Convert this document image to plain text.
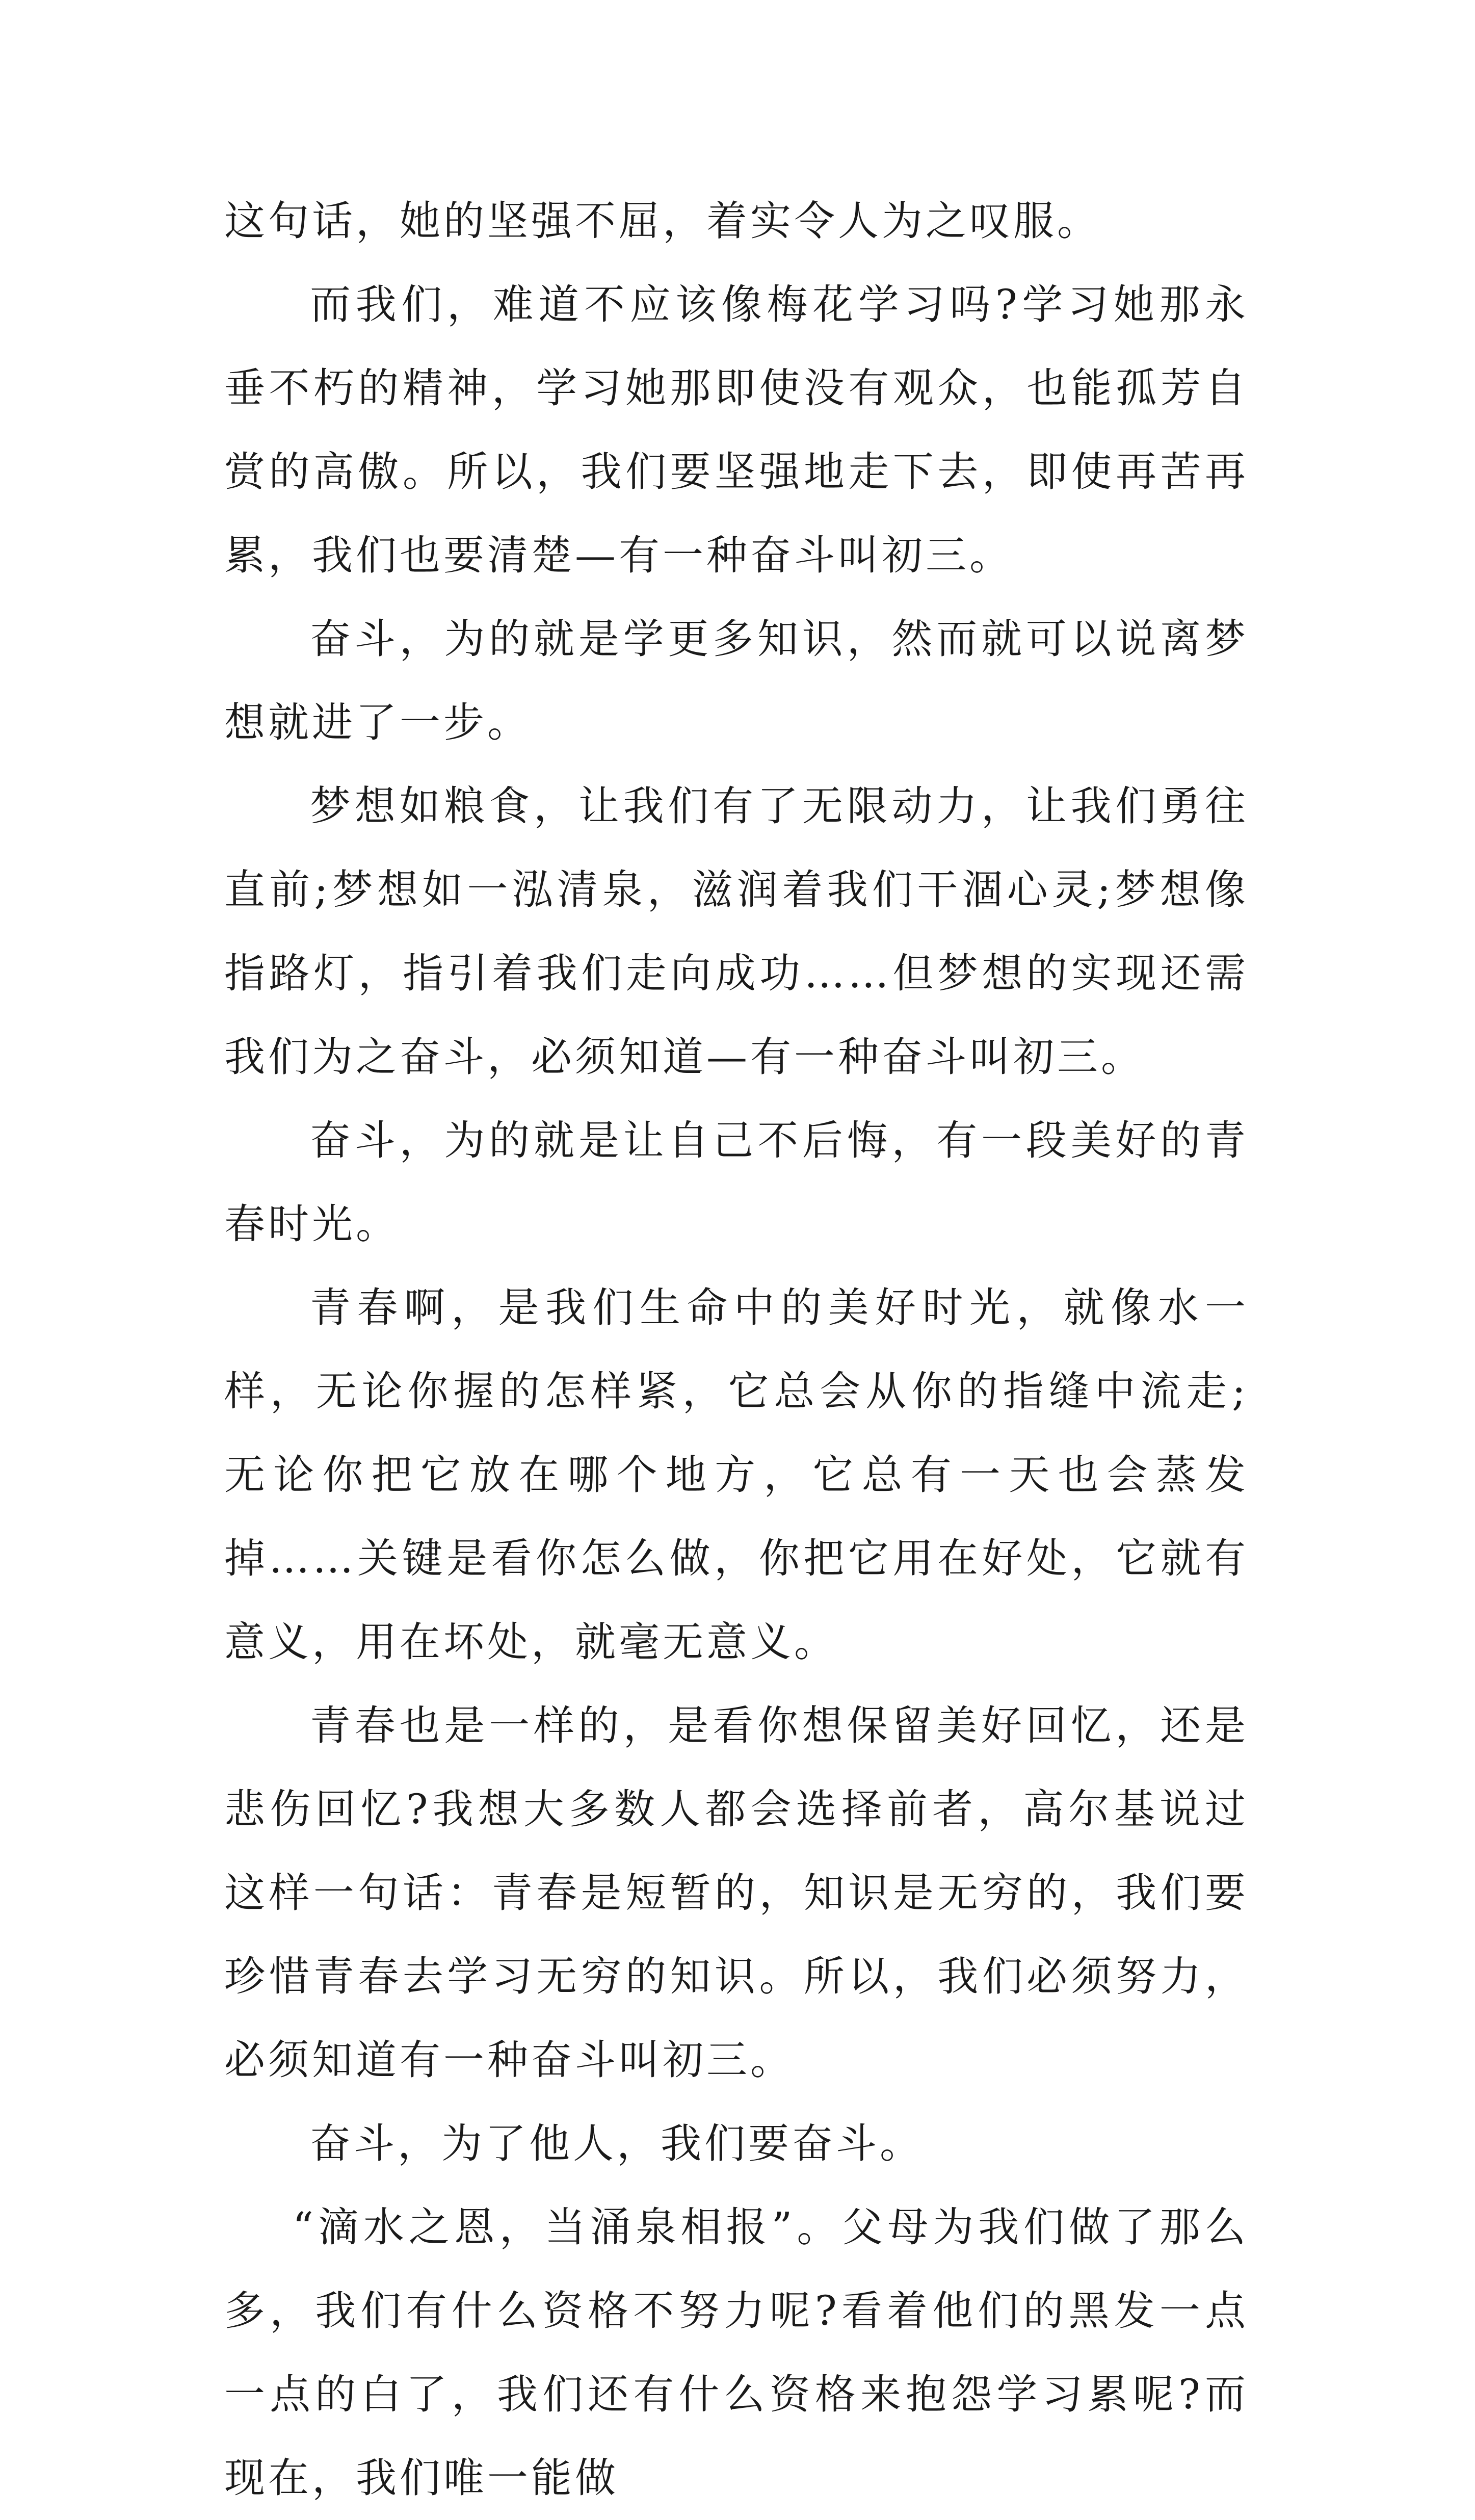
这句话，她的坚强不屈，着实令人为之叹服。

而我们，难道不应该像梅花学习吗?学习她那永垂不朽的精神，学习她那即使没有观众，也能孤芳自赏的高傲。所以，我们要坚强地走下去，即使再苦再累，我们也要清楚—有一种奋斗叫初三。

奋斗，为的就是学更多知识，然而就可以说离梦想就进了一步。

梦想如粮食，让我们有了无限动力，让我们勇往直前;梦想如一泓清泉，滋润着我们干涸心灵;梦想像指路灯，指引着我们走向成功……但梦想的实现还需我们为之奋斗，必须知道—有一种奋斗叫初三。

奋斗，为的就是让自己不后悔，有一段美好的青春时光。

青春啊，是我们生命中的美好时光，就像水一样，无论你握的怎样紧，它总会从你的指缝中流走;无论你把它放在哪个地方，它总有一天也会蒸发掉……关键是看你怎么做，你把它用在好处，它就有意义，用在坏处，就毫无意义。

青春也是一样的，是看你想保留美好回忆，还是悲伤回忆?我想大多数人都会选择前者，高尔基说过这样一句话：青春是短暂的，知识是无穷的，我们要珍惜青春去学习无穷的知识。所以，我们必须努力，必须知道有一种奋斗叫初三。

奋斗，为了他人，我们要奋斗。

“滴水之恩，当涌泉相报”。父母为我们做了那么多，我们有什么资格不努力呢?看着他们的黑发一点一点的白了，我们还有什么资格来抱怨学习累呢?而现在，我们唯一能做
